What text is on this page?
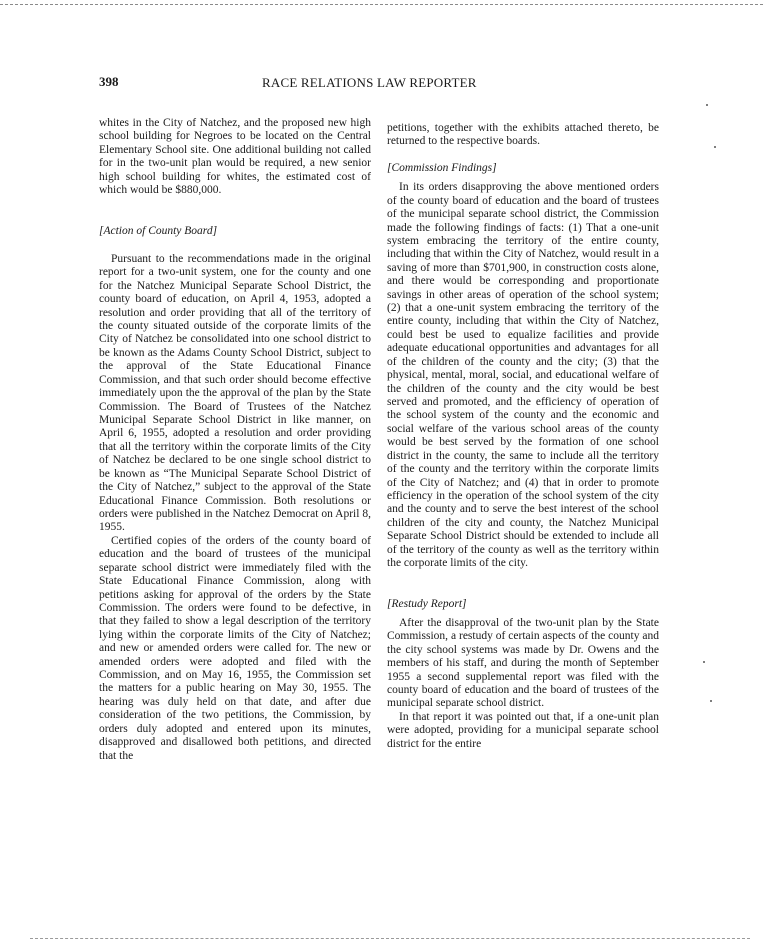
398	RACE RELATIONS LAW REPORTER

whites in the City of Natchez, and the proposed new high school building for Negroes to be located on the Central Elementary School site. One additional building not called for in the two-unit plan would be required, a new senior high school building for whites, the estimated cost of which would be $880,000.

[Action of County Board]

Pursuant to the recommendations made in the original report for a two-unit system, one for the county and one for the Natchez Municipal Separate School District, the county board of education, on April 4, 1953, adopted a resolution and order providing that all of the territory of the county situated outside of the corporate limits of the City of Natchez be consolidated into one school district to be known as the Adams County School District, subject to the approval of the State Educational Finance Commission, and that such order should become effective immediately upon the the approval of the plan by the State Commission. The Board of Trustees of the Natchez Municipal Separate School District in like manner, on April 6, 1955, adopted a resolution and order providing that all the territory within the corporate limits of the City of Natchez be declared to be one single school district to be known as “The Municipal Separate School District of the City of Natchez,” subject to the approval of the State Educational Finance Commission. Both resolutions or orders were published in the Natchez Democrat on April 8, 1955.

Certified copies of the orders of the county board of education and the board of trustees of the municipal separate school district were immediately filed with the State Educational Finance Commission, along with petitions asking for approval of the orders by the State Commission. The orders were found to be defective, in that they failed to show a legal description of the territory lying within the corporate limits of the City of Natchez; and new or amended orders were called for. The new or amended orders were adopted and filed with the Commission, and on May 16, 1955, the Commission set the matters for a public hearing on May 30, 1955. The hearing was duly held on that date, and after due consideration of the two petitions, the Commission, by orders duly adopted and entered upon its minutes, disapproved and disallowed both petitions, and directed that the

petitions, together with the exhibits attached thereto, be returned to the respective boards.

[Commission Findings]

In its orders disapproving the above mentioned orders of the county board of education and the board of trustees of the municipal separate school district, the Commission made the following findings of facts: (1) That a one-unit system embracing the territory of the entire county, including that within the City of Natchez, would result in a saving of more than $701,900, in construction costs alone, and there would be corresponding and proportionate savings in other areas of operation of the school system; (2) that a one-unit system embracing the territory of the entire county, including that within the City of Natchez, could best be used to equalize facilities and provide adequate educational opportunities and advantages for all of the children of the county and the city; (3) that the physical, mental, moral, social, and educational welfare of the children of the county and the city would be best served and promoted, and the efficiency of operation of the school system of the county and the economic and social welfare of the various school areas of the county would be best served by the formation of one school district in the county, the same to include all the territory of the county and the territory within the corporate limits of the City of Natchez; and (4) that in order to promote efficiency in the operation of the school system of the city and the county and to serve the best interest of the school children of the city and county, the Natchez Municipal Separate School District should be extended to include all of the territory of the county as well as the territory within the corporate limits of the city.

[Restudy Report]

After the disapproval of the two-unit plan by the State Commission, a restudy of certain aspects of the county and the city school systems was made by Dr. Owens and the members of his staff, and during the month of September 1955 a second supplemental report was filed with the county board of education and the board of trustees of the municipal separate school district.

In that report it was pointed out that, if a one-unit plan were adopted, providing for a municipal separate school district for the entire
